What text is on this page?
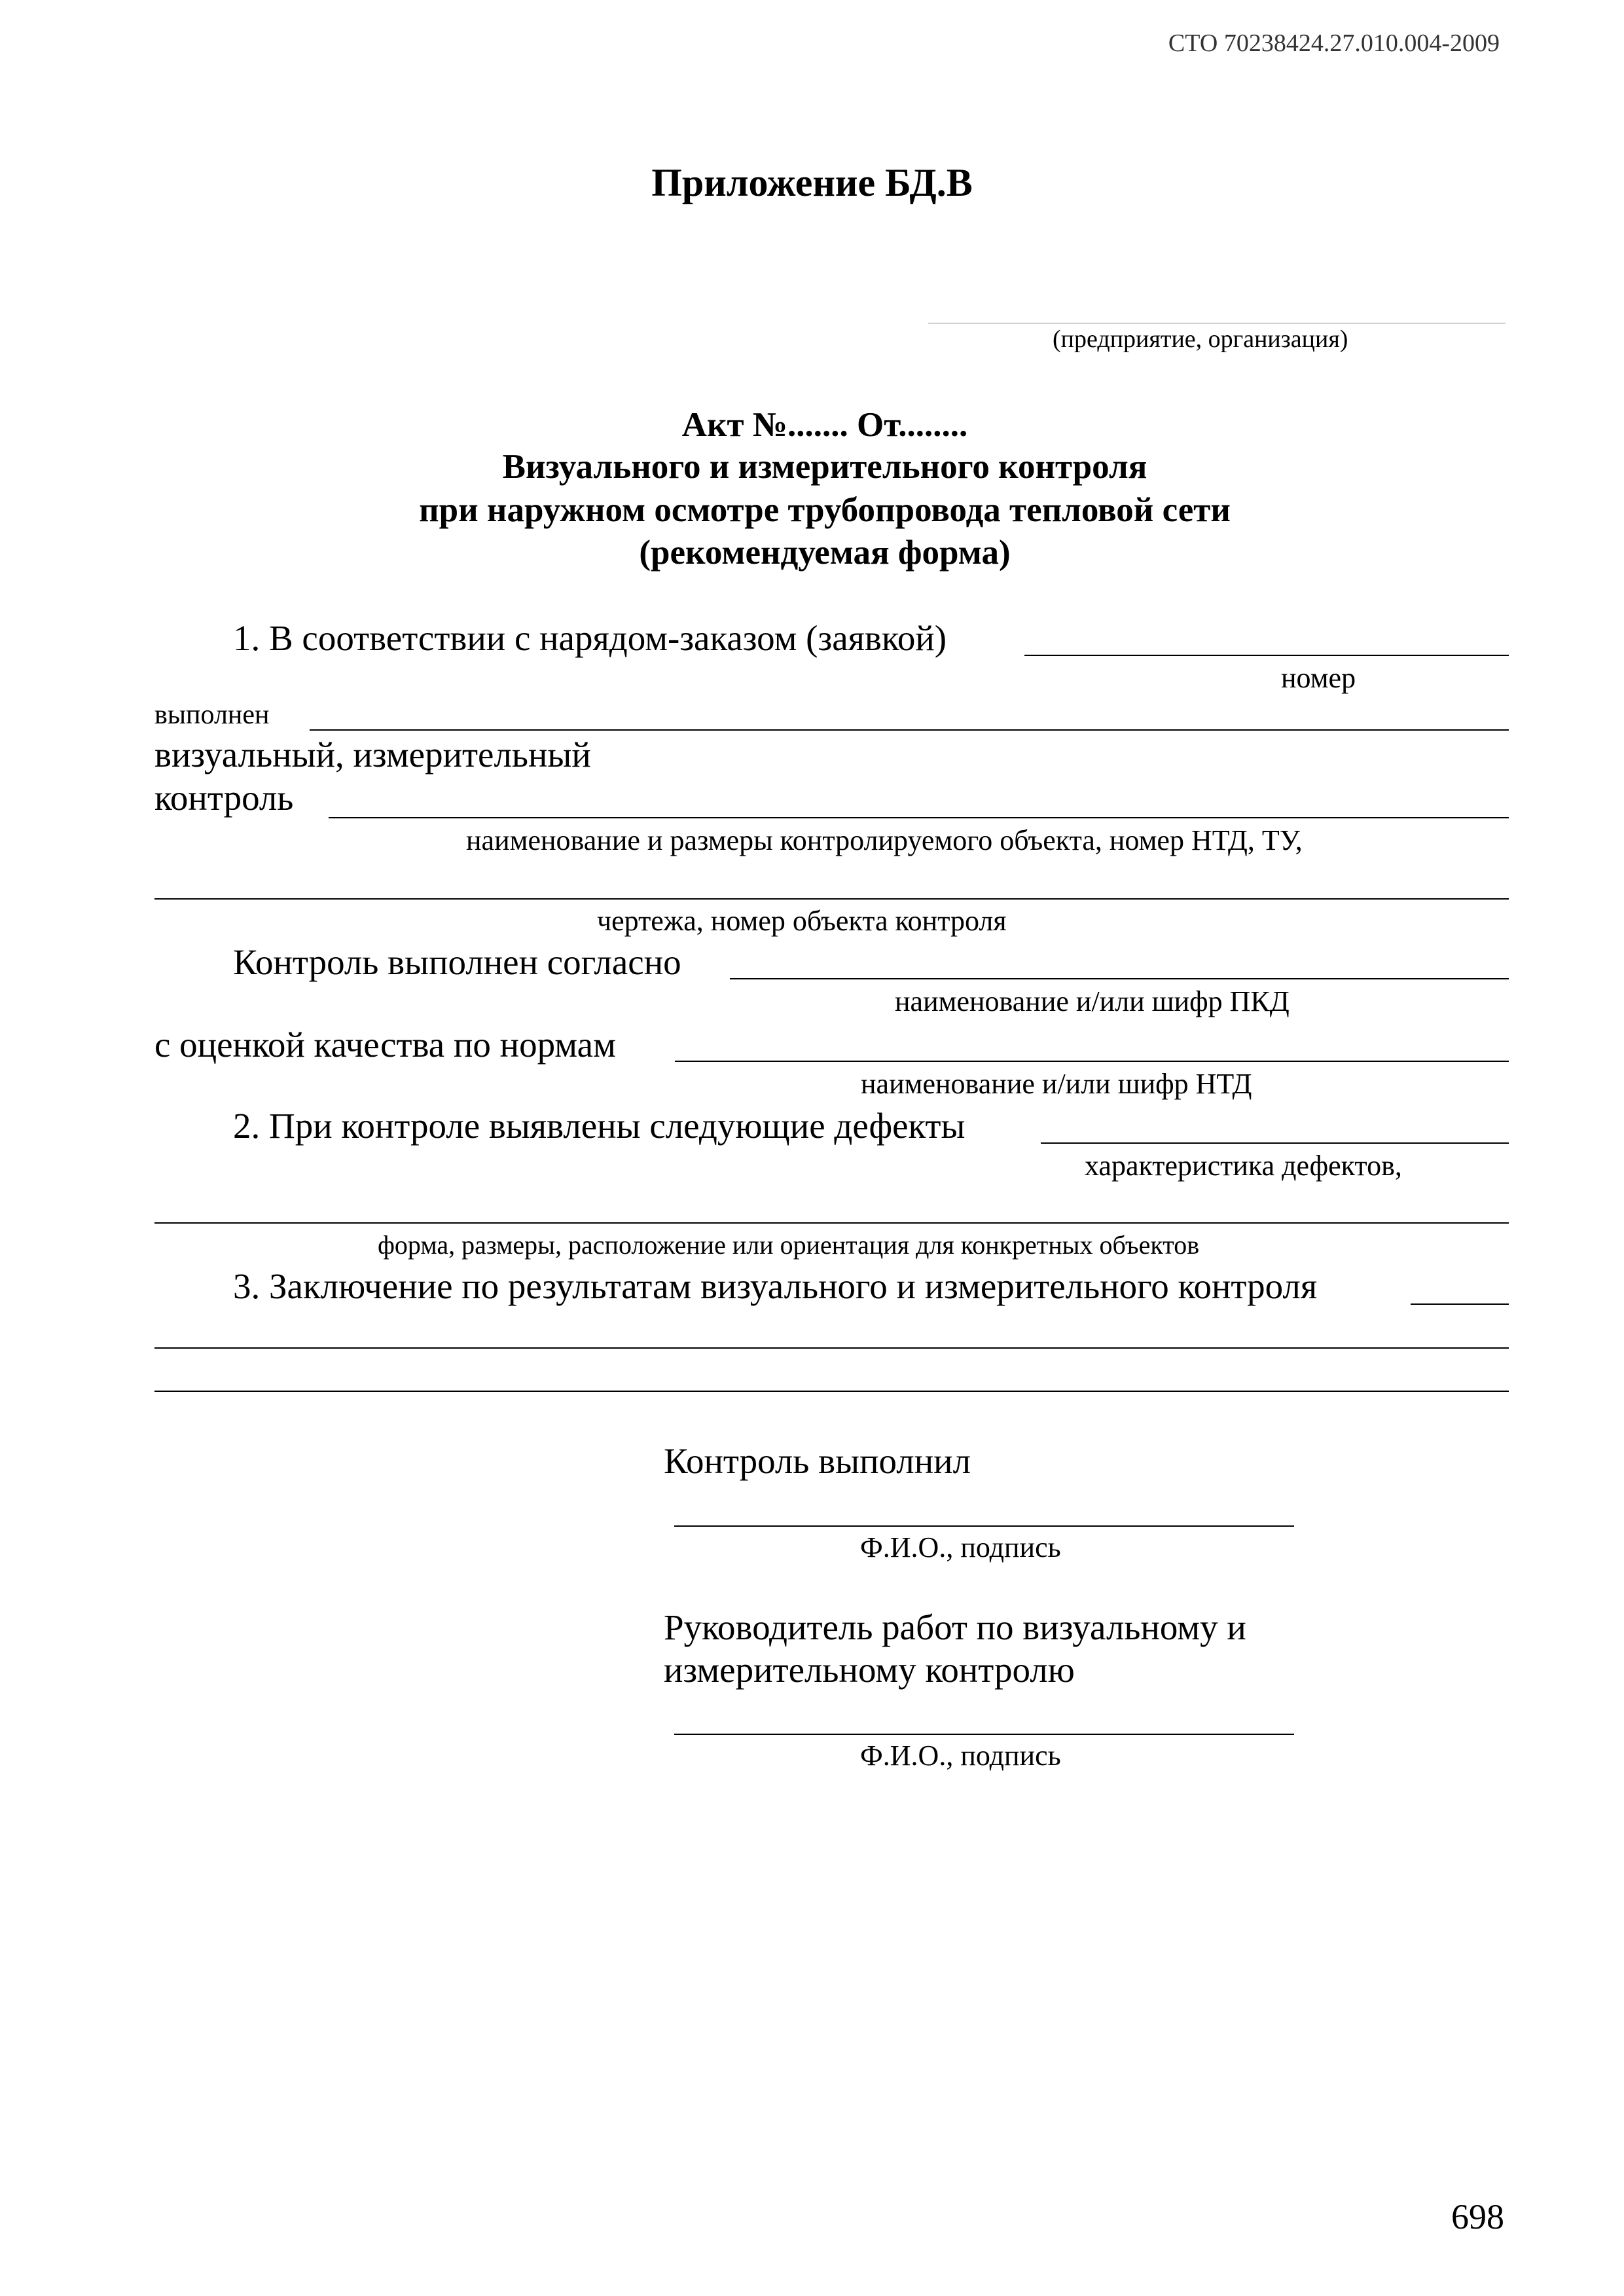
СТО 70238424.27.010.004-2009
Приложение БД.В
(предприятие, организация)
Акт №....... От........
Визуального и измерительного контроля
при наружном осмотре трубопровода тепловой сети
(рекомендуемая форма)
1. В соответствии с нарядом-заказом (заявкой)
номер
выполнен
визуальный, измерительный
контроль
наименование и размеры контролируемого объекта, номер НТД, ТУ,
чертежа, номер объекта контроля
Контроль выполнен согласно
наименование и/или шифр ПКД
с оценкой качества по нормам
наименование и/или шифр НТД
2. При контроле выявлены следующие дефекты
характеристика дефектов,
форма, размеры, расположение или ориентация для конкретных объектов
3. Заключение по результатам визуального и измерительного контроля
Контроль выполнил
Ф.И.О., подпись
Руководитель работ по визуальному и
измерительному контролю
Ф.И.О., подпись
698
